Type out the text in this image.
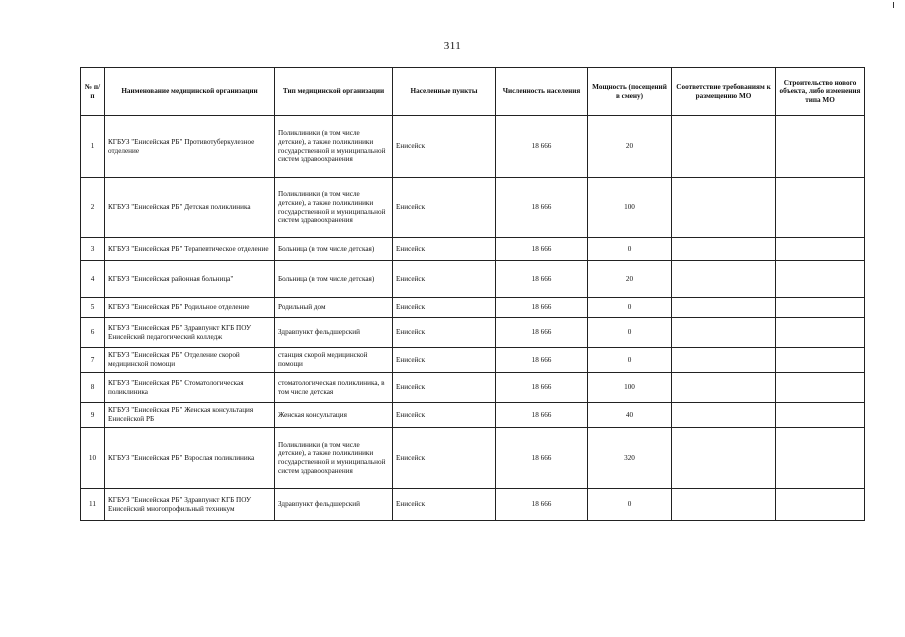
311
№ п/п	Наименование медицинской организации	Тип медицинской организации	Населенные пункты	Численность населения	Мощность (посещений в смену)	Соответствие требованиям к размещению МО	Строительство нового объекта, либо изменения типа МО
1	КГБУЗ "Енисейская РБ" Противотуберкулезное отделение	Поликлиники (в том числе детские), а также поликлиники государственной и муниципальной систем здравоохранения	Енисейск	18 666	20		
2	КГБУЗ "Енисейская РБ" Детская поликлиника	Поликлиники (в том числе детские), а также поликлиники государственной и муниципальной систем здравоохранения	Енисейск	18 666	100		
3	КГБУЗ "Енисейская РБ" Терапевтическое отделение	Больница (в том числе детская)	Енисейск	18 666	0		
4	КГБУЗ "Енисейская районная больница"	Больница (в том числе детская)	Енисейск	18 666	20		
5	КГБУЗ "Енисейская РБ" Родильное отделение	Родильный дом	Енисейск	18 666	0		
6	КГБУЗ "Енисейская РБ" Здравпункт КГБ ПОУ Енисейский педагогический колледж	Здравпункт фельдшерский	Енисейск	18 666	0		
7	КГБУЗ "Енисейская РБ" Отделение скорой медицинской помощи	станция скорой медицинской помощи	Енисейск	18 666	0		
8	КГБУЗ "Енисейская РБ" Стоматологическая поликлиника	стоматологическая поликлиника, в том числе детская	Енисейск	18 666	100		
9	КГБУЗ "Енисейская РБ" Женская консультация Енисейской РБ	Женская консультация	Енисейск	18 666	40		
10	КГБУЗ "Енисейская РБ" Взрослая поликлиника	Поликлиники (в том числе детские), а также поликлиники государственной и муниципальной систем здравоохранения	Енисейск	18 666	320		
11	КГБУЗ "Енисейская РБ" Здравпункт КГБ ПОУ Енисейский многопрофильный техникум	Здравпункт фельдшерский	Енисейск	18 666	0		
